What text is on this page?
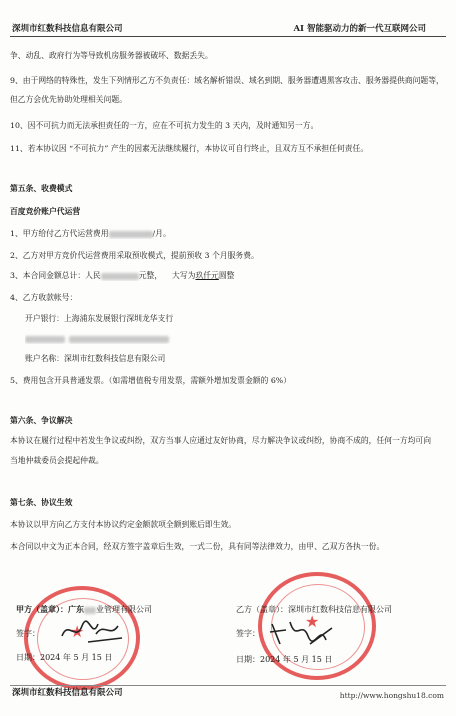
深圳市红数科技信息有限公司	AI 智能驱动力的新一代互联网公司
争、动乱、政府行为等导致机房服务器被破坏、数据丢失。
9、由于网络的特殊性，发生下列情形乙方不负责任：域名解析错误、域名到期、服务器遭遇黑客攻击、服务器提供商问题等，
但乙方会优先协助处理相关问题。
10、因不可抗力而无法承担责任的一方，应在不可抗力发生的 3 天内，及时通知另一方。
11、若本协议因 “不可抗力” 产生的因素无法继续履行，本协议可自行终止，且双方互不承担任何责任。
第五条、收费模式
百度竞价账户代运营
1、甲方给付乙方代运营费用	/月。
2、乙方对甲方竞价代运营费用采取预收模式，提前预收 3 个月服务费。
3、本合同金额总计：人民	元整， 大写为玖仟元圆整
4、乙方收款帐号：
开户银行：上海浦东发展银行深圳龙华支行
账户名称：深圳市红数科技信息有限公司
5、费用包含开具普通发票。（如需增值税专用发票，需额外增加发票金额的 6%）
第六条、争议解决
本协议在履行过程中若发生争议或纠纷，双方当事人应通过友好协商，尽力解决争议或纠纷，协商不成的，任何一方均可向
当地仲裁委员会提起仲裁。
第七条、协议生效
本协议以甲方向乙方支付本协议约定金额款项全额到账后即生效。
本合同以中文为正本合同，经双方签字盖章后生效，一式二份，具有同等法律效力，由甲、乙双方各执一份。
★
甲方（盖章）：广东 业管理有限公司
签字：
日期：2024 年 5 月 15 日
★
乙方（盖章）：深圳市红数科技信息有限公司
签字：
日期：2024 年 5 月 15 日
深圳市红数科技信息有限公司	http://www.hongshu18.com
